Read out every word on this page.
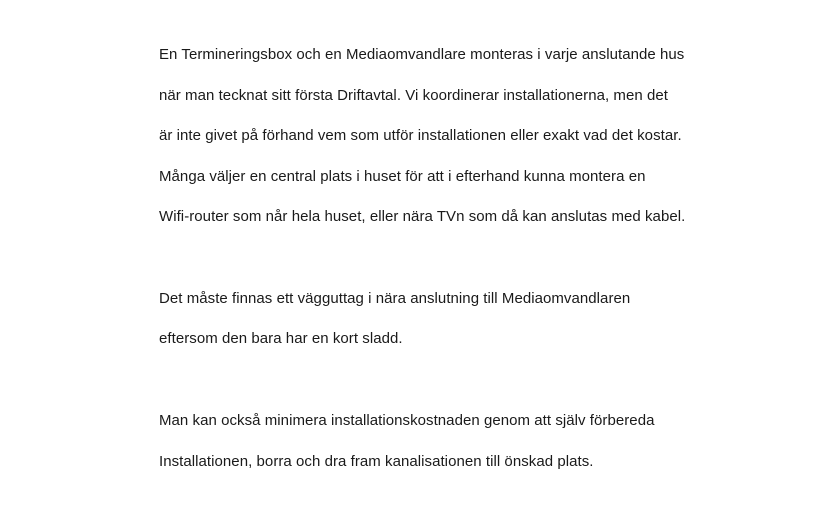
En Termineringsbox och en Mediaomvandlare monteras i varje anslutande hus
när man tecknat sitt första Driftavtal. Vi koordinerar installationerna, men det
är inte givet på förhand vem som utför installationen eller exakt vad det kostar.
Många väljer en central plats i huset för att i efterhand kunna montera en
Wifi-router som når hela huset, eller nära TVn som då kan anslutas med kabel.
Det måste finnas ett vägguttag i nära anslutning till Mediaomvandlaren
eftersom den bara har en kort sladd.
Man kan också minimera installationskostnaden genom att själv förbereda
Installationen, borra och dra fram kanalisationen till önskad plats.
